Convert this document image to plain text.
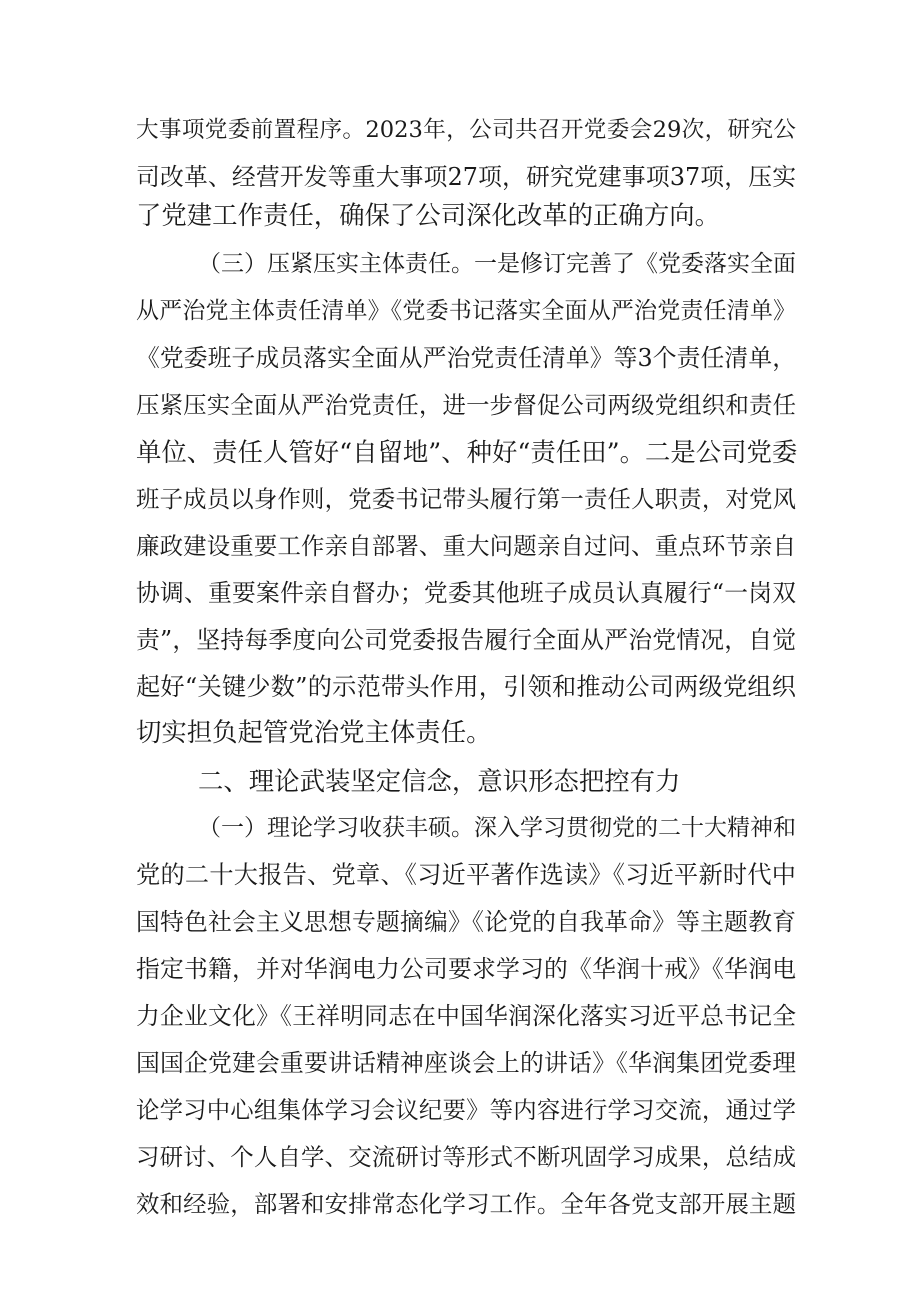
大事项党委前置程序。2023年，公司共召开党委会29次，研究公
司改革、经营开发等重大事项27项，研究党建事项37项，压实
了党建工作责任，确保了公司深化改革的正确方向。
（三）压紧压实主体责任。一是修订完善了《党委落实全面
从严治党主体责任清单》《党委书记落实全面从严治党责任清单》
《党委班子成员落实全面从严治党责任清单》等3个责任清单，
压紧压实全面从严治党责任，进一步督促公司两级党组织和责任
单位、责任人管好“自留地”、种好“责任田”。二是公司党委
班子成员以身作则，党委书记带头履行第一责任人职责，对党风
廉政建设重要工作亲自部署、重大问题亲自过问、重点环节亲自
协调、重要案件亲自督办；党委其他班子成员认真履行“一岗双
责”，坚持每季度向公司党委报告履行全面从严治党情况，自觉
起好“关键少数”的示范带头作用，引领和推动公司两级党组织
切实担负起管党治党主体责任。
二、理论武装坚定信念，意识形态把控有力
（一）理论学习收获丰硕。深入学习贯彻党的二十大精神和
党的二十大报告、党章、《习近平著作选读》《习近平新时代中
国特色社会主义思想专题摘编》《论党的自我革命》等主题教育
指定书籍，并对华润电力公司要求学习的《华润十戒》《华润电
力企业文化》《王祥明同志在中国华润深化落实习近平总书记全
国国企党建会重要讲话精神座谈会上的讲话》《华润集团党委理
论学习中心组集体学习会议纪要》等内容进行学习交流，通过学
习研讨、个人自学、交流研讨等形式不断巩固学习成果，总结成
效和经验，部署和安排常态化学习工作。全年各党支部开展主题
